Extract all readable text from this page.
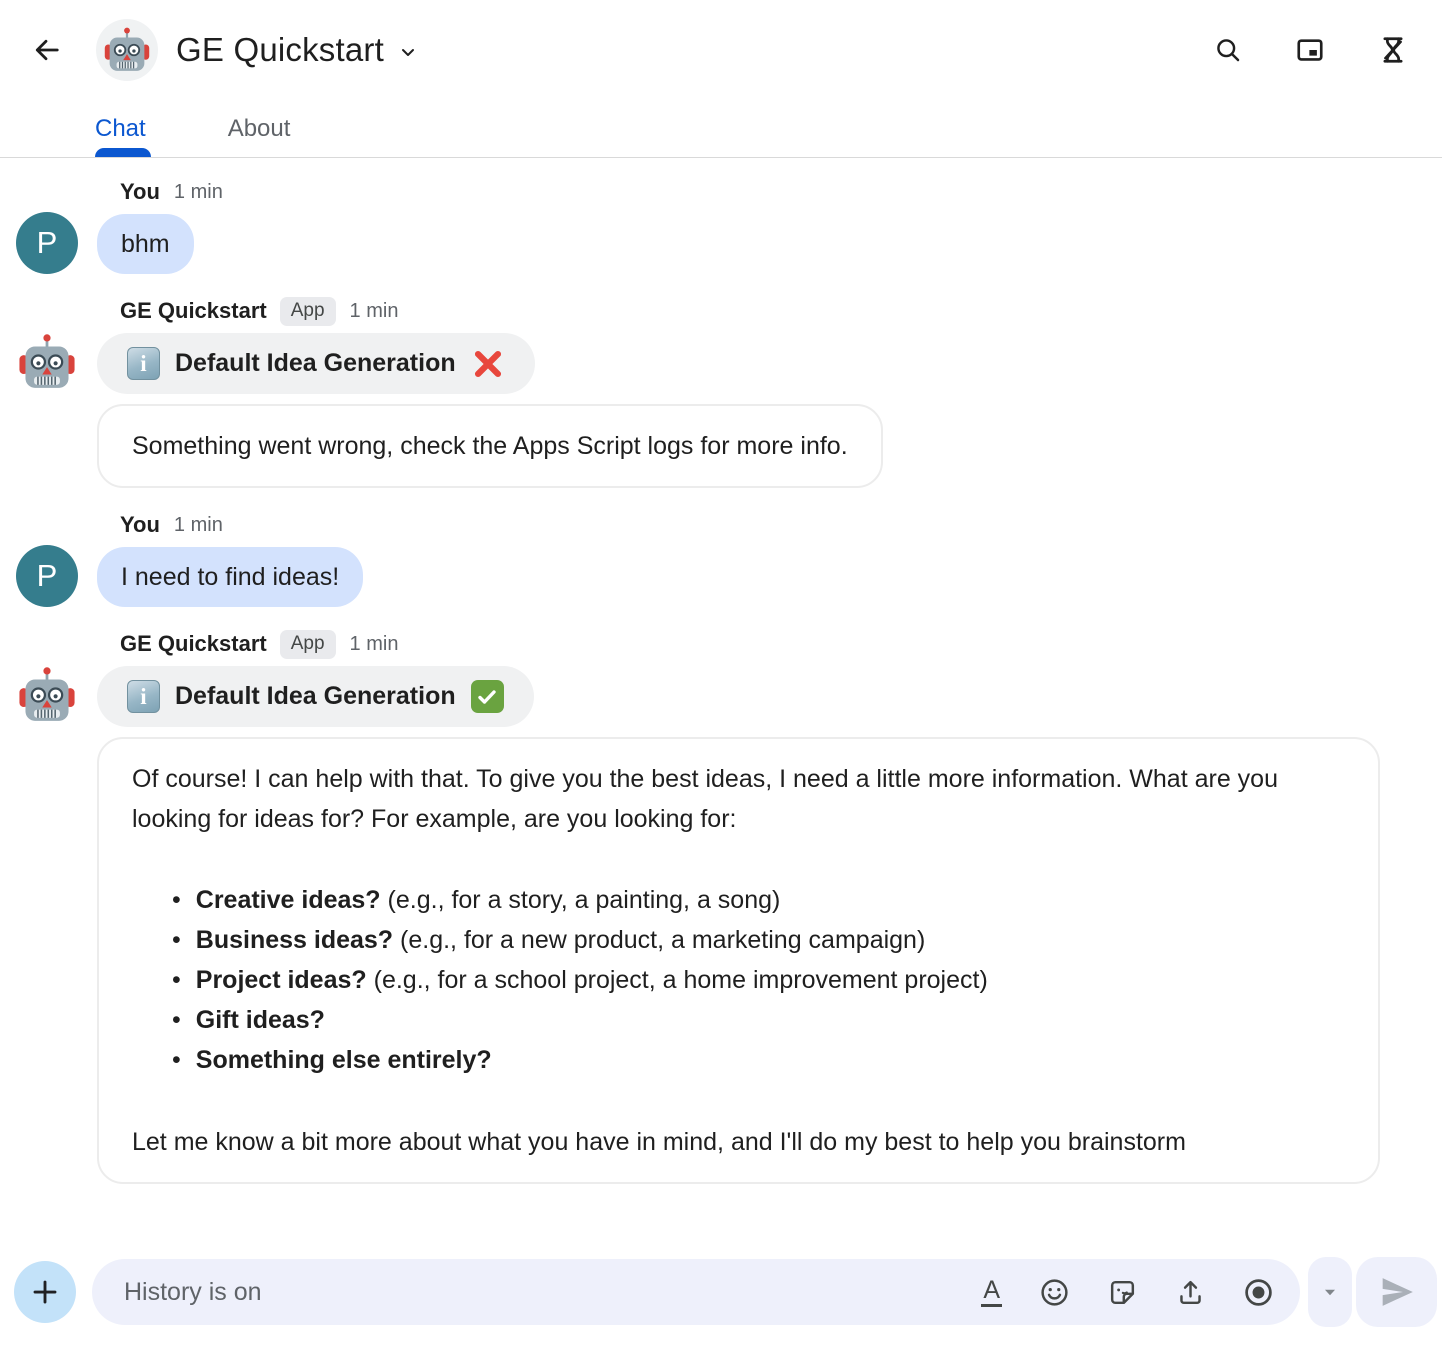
GE Quickstart
Chat	About
P
You 1 min
bhm
GE Quickstart	App	1 min
i	Default Idea Generation
Something went wrong, check the Apps Script logs for more info.
P
You 1 min
I need to find ideas!
GE Quickstart	App	1 min
i	Default Idea Generation

Of course! I can help with that. To give you the best ideas, I need a little more information. What are you looking for ideas for? For example, are you looking for:

• Creative ideas? (e.g., for a story, a painting, a song)
• Business ideas? (e.g., for a new product, a marketing campaign)
• Project ideas? (e.g., for a school project, a home improvement project)
• Gift ideas?
• Something else entirely?

Let me know a bit more about what you have in mind, and I'll do my best to help you brainstorm

History is on
A
